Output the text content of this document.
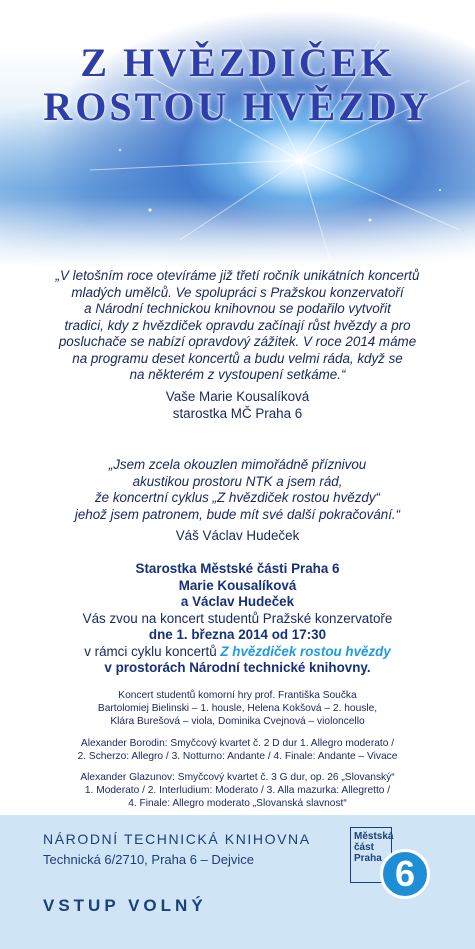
Z HVĚZDIČEK
ROSTOU HVĚZDY

„V letošním roce otevíráme již třetí ročník unikátních koncertů

mladých umělců. Ve spolupráci s Pražskou konzervatoří

a Národní technickou knihovnou se podařilo vytvořit

tradici, kdy z hvězdiček opravdu začínají růst hvězdy a pro

posluchače se nabízí opravdový zážitek. V roce 2014 máme

na programu deset koncertů a budu velmi ráda, když se

na některém z vystoupení setkáme.“

Vaše Marie Kousalíková

starostka MČ Praha 6

„Jsem zcela okouzlen mimořádně příznivou

akustikou prostoru NTK a jsem rád,

že koncertní cyklus „Z hvězdiček rostou hvězdy“

jehož jsem patronem, bude mít své další pokračování.“

Váš Václav Hudeček

Starostka Městské části Praha 6

Marie Kousalíková

a Václav Hudeček

Vás zvou na koncert studentů Pražské konzervatoře

dne 1. března 2014 od 17:30

v rámci cyklu koncertů Z hvězdiček rostou hvězdy

v prostorách Národní technické knihovny.

Koncert studentů komorní hry prof. Františka Součka

Bartolomiej Bielinski – 1. housle, Helena Kokšová – 2. housle,

Klára Burešová – viola, Dominika Cvejnová – violoncello

Alexander Borodin: Smyčcový kvartet č. 2 D dur 1. Allegro moderato /

2. Scherzo: Allegro / 3. Notturno: Andante / 4. Finale: Andante – Vivace

Alexander Glazunov: Smyčcový kvartet č. 3 G dur, op. 26 „Slovanský“

1. Moderato / 2. Interludium: Moderato / 3. Alla mazurka: Allegretto /

4. Finale: Allegro moderato „Slovanská slavnost“

NÁRODNÍ TECHNICKÁ KNIHOVNA

Technická 6/2710, Praha 6 – Dejvice

VSTUP VOLNÝ

Městská
část
Praha 6
